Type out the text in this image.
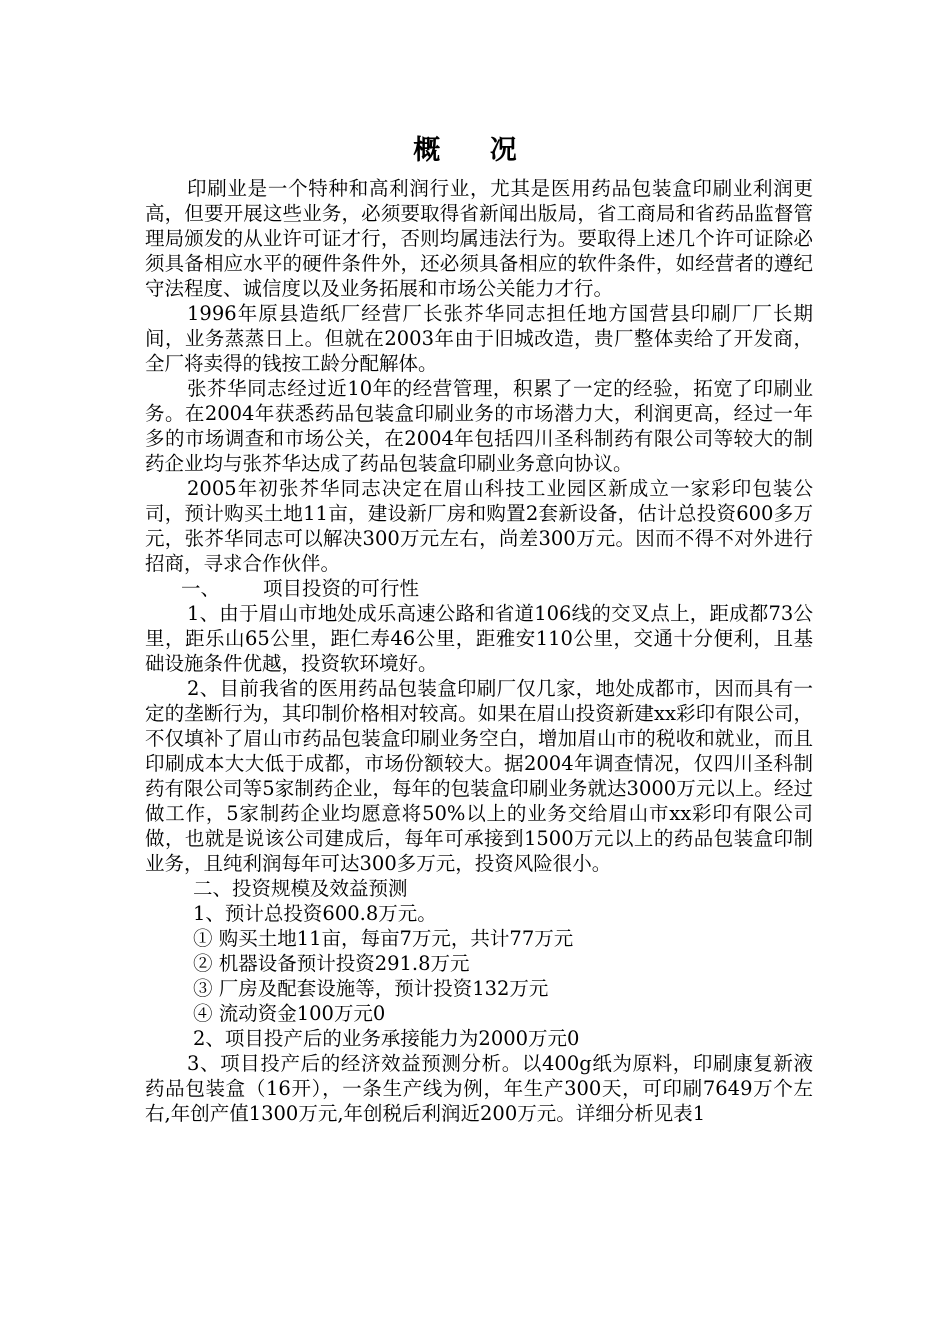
概 况

印刷业是一个特种和高利润行业，尤其是医用药品包装盒印刷业利润更高，但要开展这些业务，必须要取得省新闻出版局，省工商局和省药品监督管理局颁发的从业许可证才行，否则均属违法行为。要取得上述几个许可证除必须具备相应水平的硬件条件外，还必须具备相应的软件条件，如经营者的遵纪守法程度、诚信度以及业务拓展和市场公关能力才行。

1996年原县造纸厂经营厂长张芥华同志担任地方国营县印刷厂厂长期间，业务蒸蒸日上。但就在2003年由于旧城改造，贵厂整体卖给了开发商，全厂将卖得的钱按工龄分配解体。

张芥华同志经过近10年的经营管理，积累了一定的经验，拓宽了印刷业务。在2004年获悉药品包装盒印刷业务的市场潜力大，利润更高，经过一年多的市场调查和市场公关，在2004年包括四川圣科制药有限公司等较大的制药企业均与张芥华达成了药品包装盒印刷业务意向协议。

2005年初张芥华同志决定在眉山科技工业园区新成立一家彩印包装公司，预计购买土地11亩，建设新厂房和购置2套新设备，估计总投资600多万元，张芥华同志可以解决300万元左右，尚差300万元。因而不得不对外进行招商，寻求合作伙伴。

一、 项目投资的可行性

1、由于眉山市地处成乐高速公路和省道106线的交叉点上，距成都73公里，距乐山65公里，距仁寿46公里，距雅安110公里，交通十分便利，且基础设施条件优越，投资软环境好。

2、目前我省的医用药品包装盒印刷厂仅几家，地处成都市，因而具有一定的垄断行为，其印制价格相对较高。如果在眉山投资新建xx彩印有限公司，不仅填补了眉山市药品包装盒印刷业务空白，增加眉山市的税收和就业，而且印刷成本大大低于成都，市场份额较大。据2004年调查情况，仅四川圣科制药有限公司等5家制药企业，每年的包装盒印刷业务就达3000万元以上。经过做工作，5家制药企业均愿意将50%以上的业务交给眉山市xx彩印有限公司做，也就是说该公司建成后，每年可承接到1500万元以上的药品包装盒印制业务，且纯利润每年可达300多万元，投资风险很小。

二、投资规模及效益预测

1、预计总投资600.8万元。

① 购买土地11亩，每亩7万元，共计77万元

② 机器设备预计投资291.8万元

③ 厂房及配套设施等，预计投资132万元

④ 流动资金100万元0

2、项目投产后的业务承接能力为2000万元0

3、项目投产后的经济效益预测分析。以400g纸为原料，印刷康复新液药品包装盒（16开），一条生产线为例，年生产300天，可印刷7649万个左右,年创产值1300万元,年创税后利润近200万元。详细分析见表1
